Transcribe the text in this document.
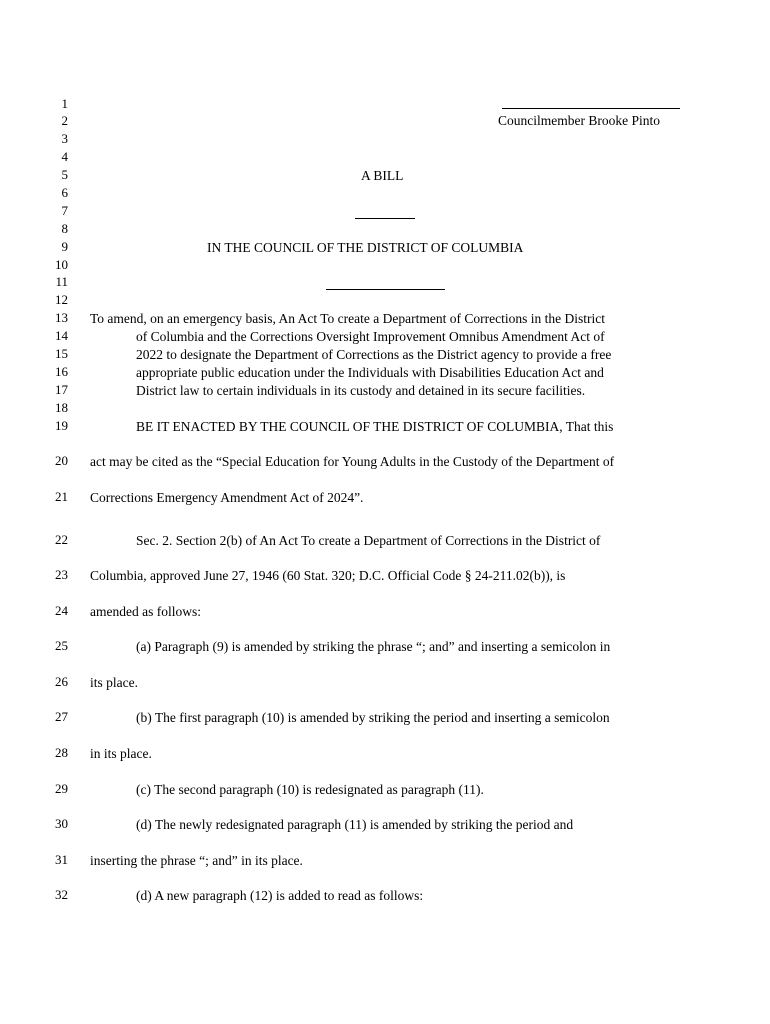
1
2
3
4
5
6
7
8
9
10
11
12
13
14
15
16
17
18
19
20
21
22
23
24
25
26
27
28
29
30
31
32
Councilmember Brooke Pinto
A BILL
IN THE COUNCIL OF THE DISTRICT OF COLUMBIA
To amend, on an emergency basis, An Act To create a Department of Corrections in the District
of Columbia and the Corrections Oversight Improvement Omnibus Amendment Act of
2022 to designate the Department of Corrections as the District agency to provide a free
appropriate public education under the Individuals with Disabilities Education Act and
District law to certain individuals in its custody and detained in its secure facilities.
BE IT ENACTED BY THE COUNCIL OF THE DISTRICT OF COLUMBIA, That this
act may be cited as the “Special Education for Young Adults in the Custody of the Department of
Corrections Emergency Amendment Act of 2024”.
Sec. 2. Section 2(b) of An Act To create a Department of Corrections in the District of
Columbia, approved June 27, 1946 (60 Stat. 320; D.C. Official Code § 24-211.02(b)), is
amended as follows:
(a) Paragraph (9) is amended by striking the phrase “; and” and inserting a semicolon in
its place.
(b) The first paragraph (10) is amended by striking the period and inserting a semicolon
in its place.
(c) The second paragraph (10) is redesignated as paragraph (11).
(d) The newly redesignated paragraph (11) is amended by striking the period and
inserting the phrase “; and” in its place.
(d) A new paragraph (12) is added to read as follows:
